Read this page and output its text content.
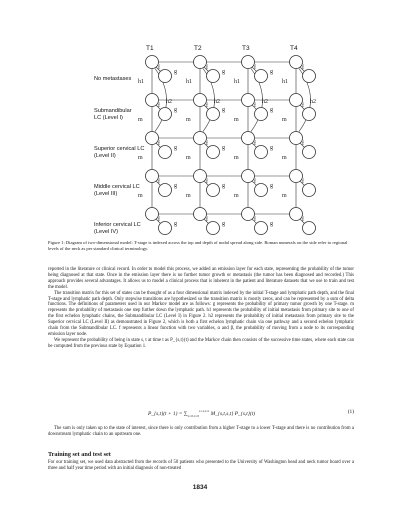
f
g
h1
h2
f
g
h1
h2
f
g
h1
h2
f
h1
h2
f
g
m
f
g
m
f
g
m
f
m
f
g
m
f
g
m
f
g
m
f
m
f
g
m
f
g
m
f
g
m
f
m
f
g
f
g
f
g
f
T1	T2	T3	T4
No metastases
Submandibular
LC (Level I)
Superior cervical LC
(Level II)
Middle cervical LC
(Level III)
Inferior cervical LC
(Level IV)
Figure 1: Diagram of two-dimensional model: T-stage is indexed across the top and depth of nodal spread along side. Roman numerals on the side refer to regional levels of the neck as per standard clinical terminology.

reported in the literature or clinical record. In order to model this process, we added an emission layer for each state, representing the probability of the tumor being diagnosed at that state. Once in the emission layer there is no further tumor growth or metastasis (the tumor has been diagnosed and recorded.) This approach provides several advantages. It allows us to model a clinical process that is inherent in the patient and literature datasets that we use to train and test the model.

The transition matrix for this set of states can be thought of as a four dimensional matrix indexed by the initial T-stage and lymphatic path depth, and the final T-stage and lymphatic path depth. Only stepwise transitions are hypothesized so the transition matrix is mostly zeros, and can be represented by a sum of delta functions. The definitions of parameters used in our Markov model are as follows: g represents the probability of primary tumor growth by one T-stage. m represents the probability of metastasis one step further down the lymphatic path. h1 represents the probability of initial metastasis from primary site to one of the first echelon lymphatic chains, the Submandibular LC (Level I) in Figure 2. h2 represents the probability of initial metastasis from primary site to the Superior cervical LC (Level II) as demonstrated in Figure 2, which is both a first echelon lymphatic chain via one pathway and a second echelon lymphatic chain from the Submandibular LC. f represents a linear function with two variables, α and β, the probability of moving from a node to its corresponding emission layer node.

We represent the probability of being in state s, t at time t as P_{s,t}(t) and the Markov chain then consists of the successive time states, where each state can be computed from the previous state by Equation 1.

P_{s,t}(t + $1) = \sum_{s=0,t=0}^{s=s,t=t}$ M_{s,t,s,t} P_{s,t}(t)	(1)

The sum is only taken up to the state of interest, since there is only contribution from a higher T-stage to a lower T-stage and there is no contribution from a downstream lymphatic chain to an upstream one.

Training set and test set

For our training set, we used data abstracted from the records of 50 patients who presented to the University of Washington head and neck tumor board over a three and half year time period with an initial diagnosis of non-treated

1834
